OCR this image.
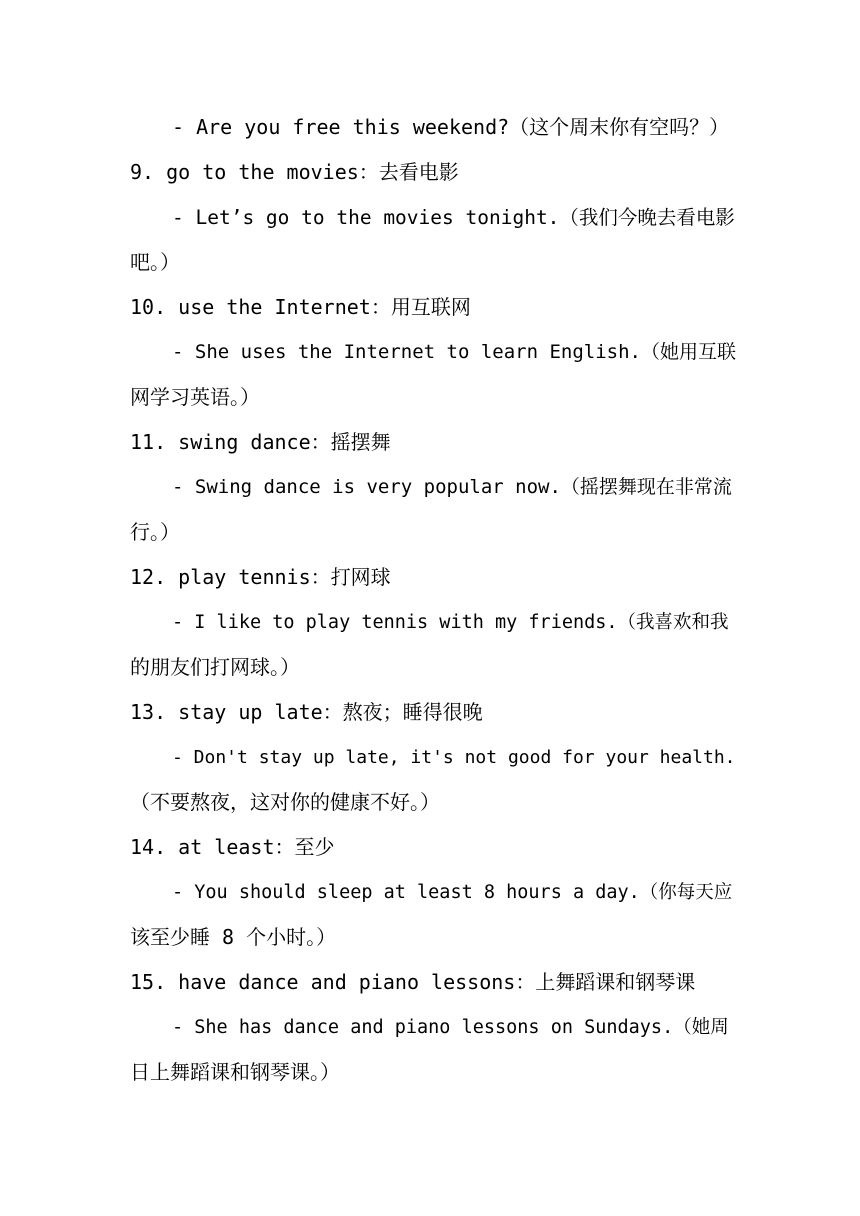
- Are you free this weekend?（这个周末你有空吗？）
9. go to the movies：去看电影
- Let’s go to the movies tonight.（我们今晚去看电影
吧。）
10. use the Internet：用互联网
- She uses the Internet to learn English.（她用互联
网学习英语。）
11. swing dance：摇摆舞
- Swing dance is very popular now.（摇摆舞现在非常流
行。）
12. play tennis：打网球
- I like to play tennis with my friends.（我喜欢和我
的朋友们打网球。）
13. stay up late：熬夜；睡得很晚
- Don't stay up late, it's not good for your health.
（不要熬夜，这对你的健康不好。）
14. at least：至少
- You should sleep at least 8 hours a day.（你每天应
该至少睡 8 个小时。）
15. have dance and piano lessons：上舞蹈课和钢琴课
- She has dance and piano lessons on Sundays.（她周
日上舞蹈课和钢琴课。）
